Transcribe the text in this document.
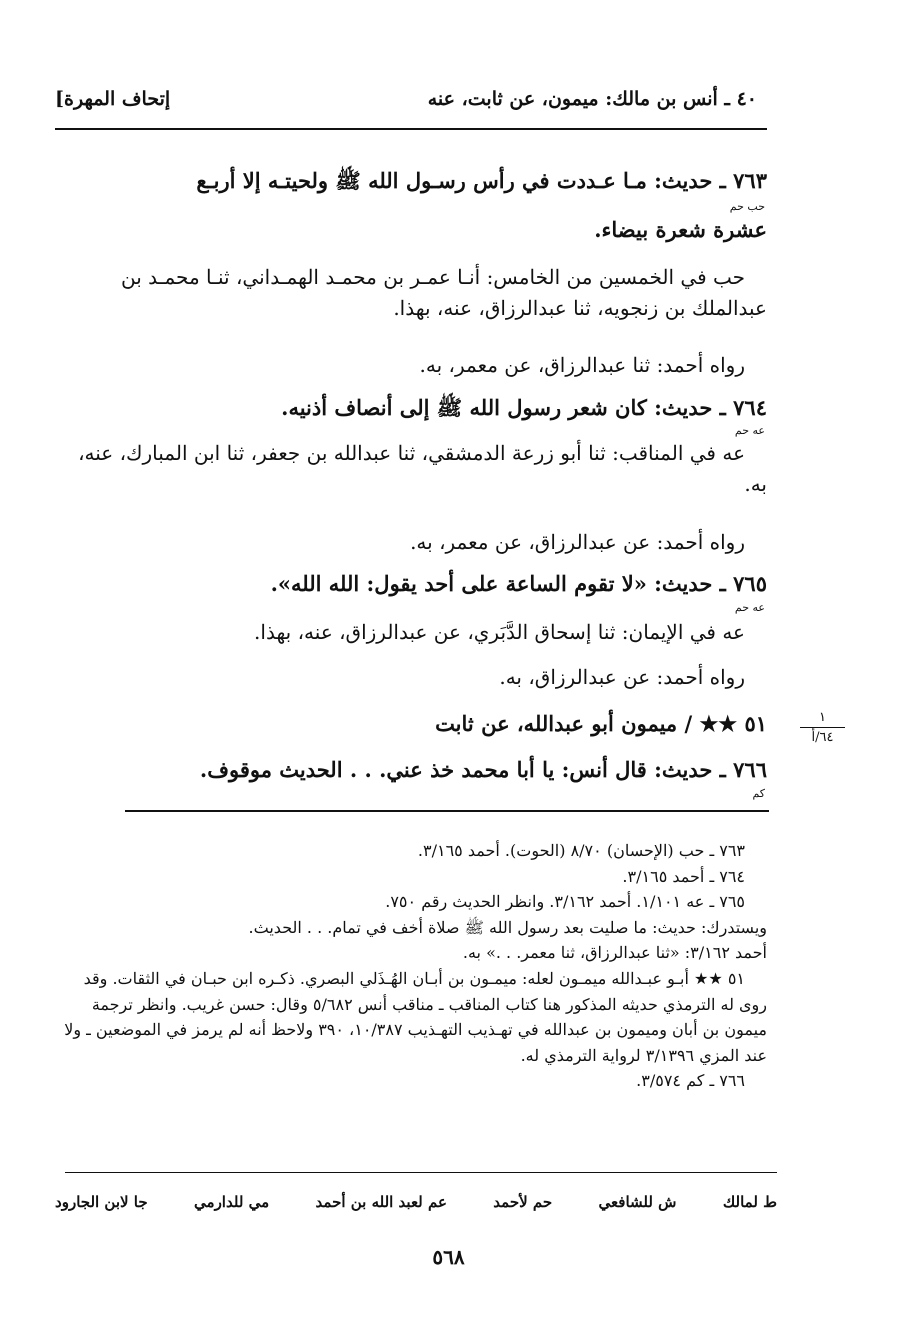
٤٠ ـ أنس بن مالك: ميمون، عن ثابت، عنه
[إتحاف المهرة
٧٦٣ ـ حديث: مـا عـددت في رأس رسـول الله ﷺ ولحيتـه إلا أربـع
حب حم
عشرة شعرة بيضاء.
حب في الخمسين من الخامس: أنـا عمـر بن محمـد الهمـداني، ثنـا محمـد بن عبدالملك بن زنجويه، ثنا عبدالرزاق، عنه، بهذا.
رواه أحمد: ثنا عبدالرزاق، عن معمر، به.
٧٦٤ ـ حديث: كان شعر رسول الله ﷺ إلى أنصاف أذنيه.
عه حم
عه في المناقب: ثنا أبو زرعة الدمشقي، ثنا عبدالله بن جعفر، ثنا ابن المبارك، عنه، به.
رواه أحمد: عن عبدالرزاق، عن معمر، به.
٧٦٥ ـ حديث: «لا تقوم الساعة على أحد يقول: الله الله».
عه حم
عه في الإيمان: ثنا إسحاق الدَّبَري، عن عبدالرزاق، عنه، بهذا.
رواه أحمد: عن عبدالرزاق، به.
٥١ ★★ / ميمون أبو عبدالله، عن ثابت	١
٦٤/أ
٧٦٦ ـ حديث: قال أنس: يا أبا محمد خذ عني. . . الحديث موقوف.
كم
٧٦٣ ـ حب (الإحسان) ٨/٧٠ (الحوت). أحمد ٣/١٦٥.
٧٦٤ ـ أحمد ٣/١٦٥.
٧٦٥ ـ عه ١/١٠١. أحمد ٣/١٦٢. وانظر الحديث رقم ٧٥٠.
ويستدرك: حديث: ما صليت بعد رسول الله ﷺ صلاة أخف في تمام. . . الحديث.
أحمد ٣/١٦٢: «ثنا عبدالرزاق، ثنا معمر. . .» به.
٥١ ★★ أبـو عبـدالله ميمـون لعله: ميمـون بن أبـان الهُـذَلي البصري. ذكـره ابن حبـان في الثقات. وقد روى له الترمذي حديثه المذكور هنا كتاب المناقب ـ مناقب أنس ٥/٦٨٢ وقال: حسن غريب. وانظر ترجمة ميمون بن أبان وميمون بن عبدالله في تهـذيب التهـذيب ١٠/٣٨٧، ٣٩٠ ولاحظ أنه لم يرمز في الموضعين ـ ولا عند المزي ٣/١٣٩٦ لرواية الترمذي له.
٧٦٦ ـ كم ٣/٥٧٤.
ط لمالك
ش للشافعي
حم لأحمد
عم لعبد الله بن أحمد
مي للدارمي
جا لابن الجارود
٥٦٨
